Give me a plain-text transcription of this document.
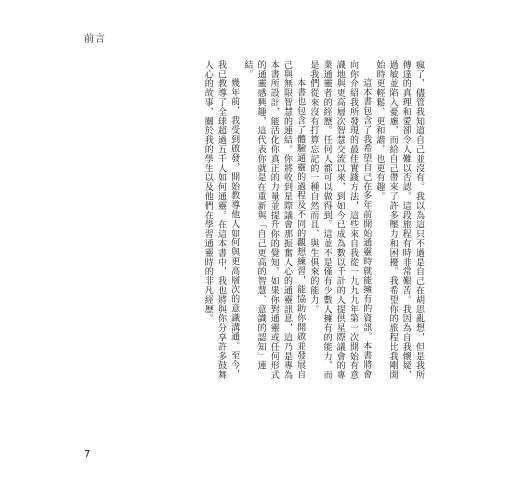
前言

瘋了，儘管我知道自己並沒有。我以為這只不過是自己在胡思亂想，但是我所傳達的真理和愛卻令人難以否認。這段旅程有時非常艱苦。我因為自我懷疑，過敏並陷入憂慮，而給自己帶來了許多壓力和困擾。我希望你的旅程比我剛開始時更輕鬆、更和諧，也更有趣。

這本書包含了我希望自己在多年前開始通靈時就能擁有的資訊。本書將會向你介紹我所發現的最佳實踐方法，這些來自我從一九九九年第一次開始有意識地與更高層次智慧交流以來，到如今已成為數以千計的人提供星際議會的專業通靈者的經歷。任何人都可以做得到。這並不是僅有少數人擁有的能力，而是我們從來沒有打算忘記的一種自然而且、與生俱來的能力。

本書也包含了體驗通靈的過程及不同的觀想練習，能協助你開啟並發展自己與無限智慧的連結。你將收到星際議會那振奮人心的通靈訊息，這乃是專為本書所設計，能活化你真正的力量並提升你的覺知。如果你對通靈或任何形式的通靈感興趣，這代表你就是在重新與「自己更高的智慧、意識的認知」連結。

幾年前，我受到啟發，開始教導他人如何與更高層次的意識溝通。至今，我已教導了全球超過五千人如何通靈。在這本書中，我也將與你分享許多鼓舞人心的故事，關於我的學生以及他們在學習通靈時的非凡經歷。

7
